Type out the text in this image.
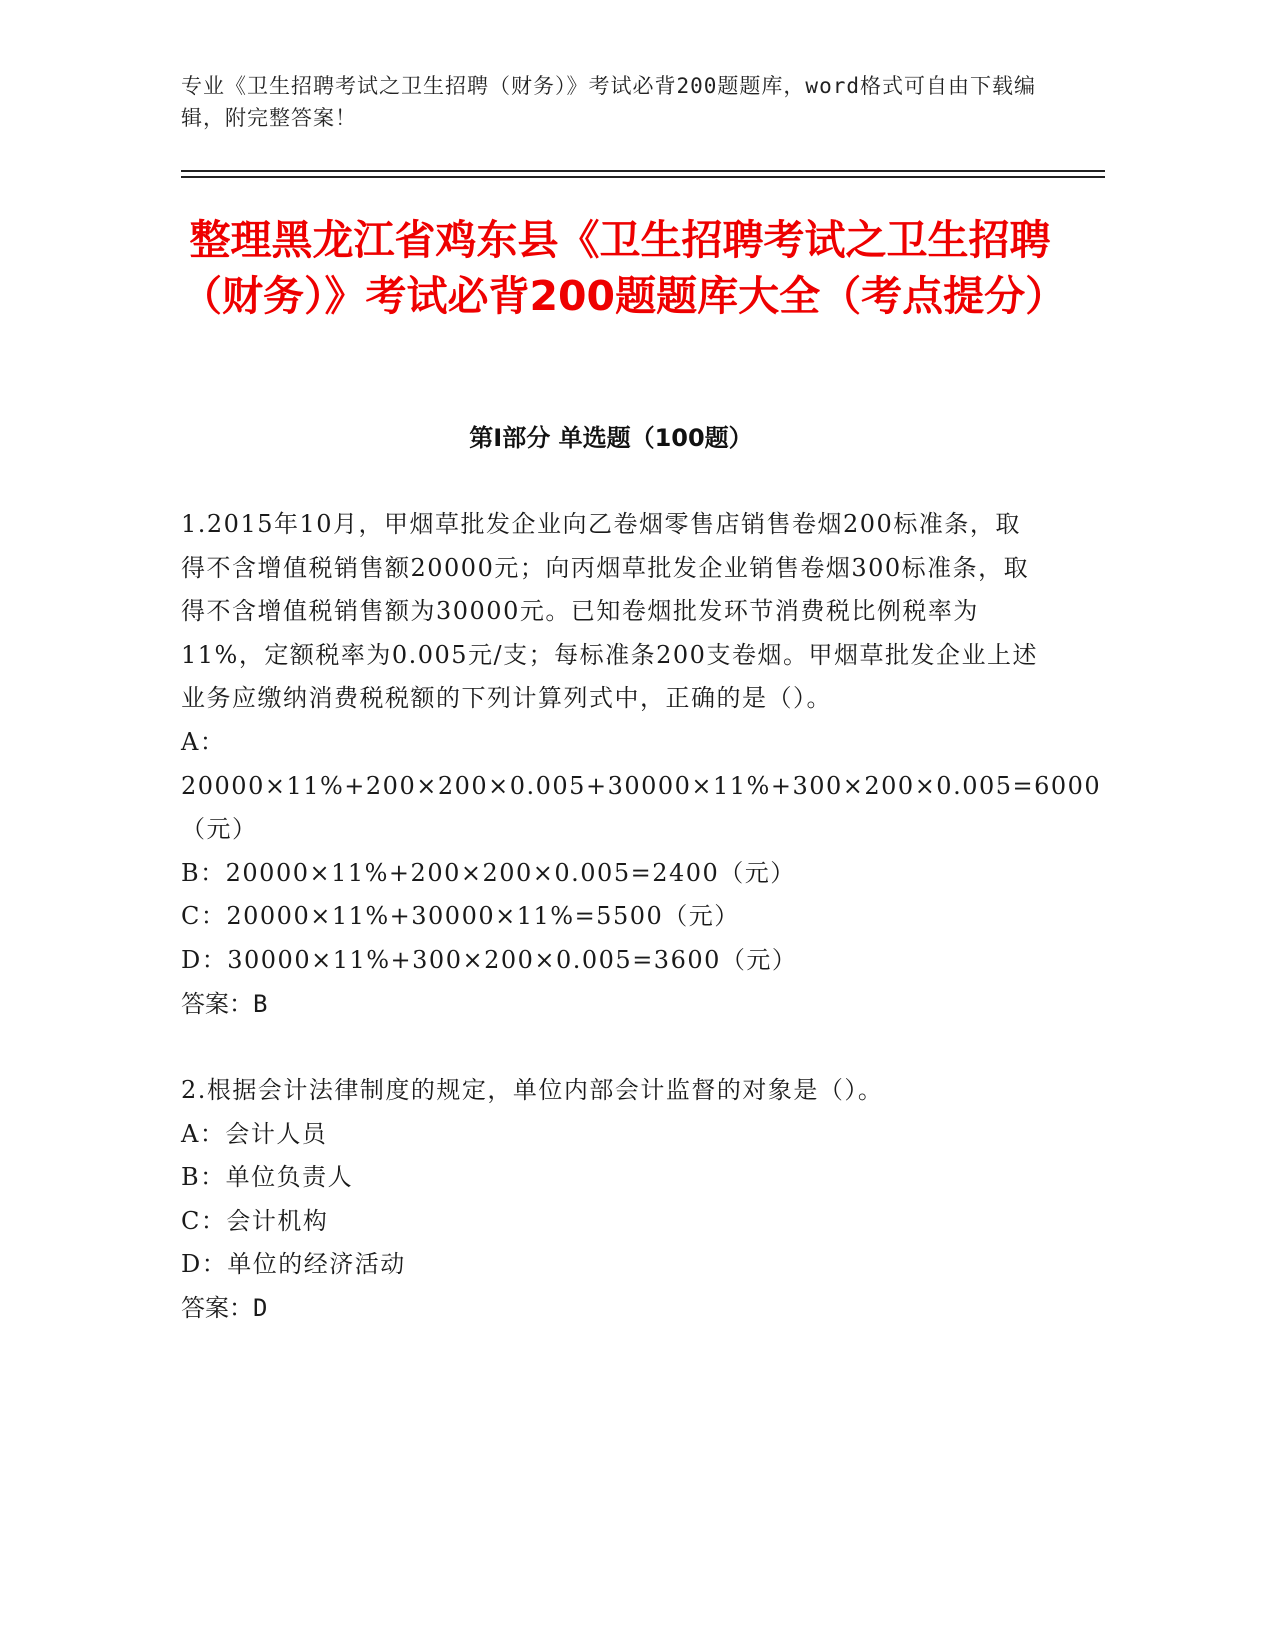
专业《卫生招聘考试之卫生招聘（财务）》考试必背200题题库，word格式可自由下载编辑，附完整答案！
整理黑龙江省鸡东县《卫生招聘考试之卫生招聘（财务）》考试必背200题题库大全（考点提分）
第I部分 单选题（100题）

1.2015年10月，甲烟草批发企业向乙卷烟零售店销售卷烟200标准条，取得不含增值税销售额20000元；向丙烟草批发企业销售卷烟300标准条，取得不含增值税销售额为30000元。已知卷烟批发环节消费税比例税率为11%，定额税率为0.005元/支；每标准条200支卷烟。甲烟草批发企业上述业务应缴纳消费税税额的下列计算列式中，正确的是（）。

A：20000×11%+200×200×0.005+30000×11%+300×200×0.005=6000（元）

B：20000×11%+200×200×0.005=2400（元）

C：20000×11%+30000×11%=5500（元）

D：30000×11%+300×200×0.005=3600（元）

答案：B

2.根据会计法律制度的规定，单位内部会计监督的对象是（）。

A：会计人员

B：单位负责人

C：会计机构

D：单位的经济活动

答案：D
